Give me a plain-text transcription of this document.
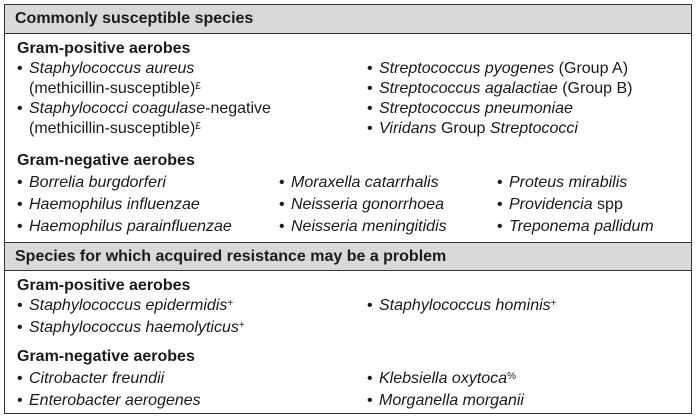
Commonly susceptible species
Gram-positive aerobes
• Staphylococcus aureus
(methicillin-susceptible)£
• Staphylococci coagulase-negative
(methicillin-susceptible)£
• Streptococcus pyogenes (Group A)
• Streptococcus agalactiae (Group B)
• Streptococcus pneumoniae
• Viridans Group Streptococci
Gram-negative aerobes
• Borrelia burgdorferi
• Haemophilus influenzae
• Haemophilus parainfluenzae
• Moraxella catarrhalis
• Neisseria gonorrhoea
• Neisseria meningitidis
• Proteus mirabilis
• Providencia spp
• Treponema pallidum
Species for which acquired resistance may be a problem
Gram-positive aerobes
• Staphylococcus epidermidis+
• Staphylococcus haemolyticus+
• Staphylococcus hominis+
Gram-negative aerobes
• Citrobacter freundii
• Enterobacter aerogenes
• Klebsiella oxytoca%
• Morganella morganii
